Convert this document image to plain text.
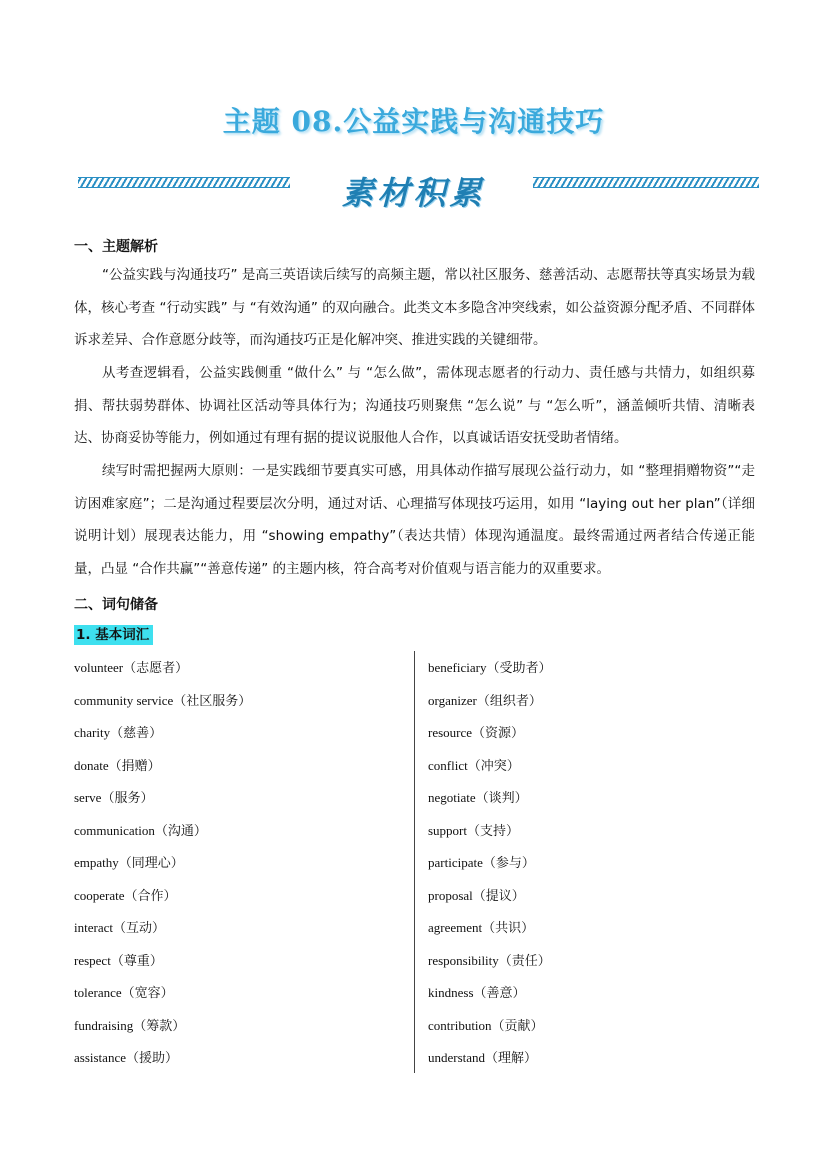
主题 08.公益实践与沟通技巧
素材积累
一、主题解析
“公益实践与沟通技巧” 是高三英语读后续写的高频主题，常以社区服务、慈善活动、志愿帮扶等真实场景为载体，核心考查 “行动实践” 与 “有效沟通” 的双向融合。此类文本多隐含冲突线索，如公益资源分配矛盾、不同群体诉求差异、合作意愿分歧等，而沟通技巧正是化解冲突、推进实践的关键细带。
从考查逻辑看，公益实践侧重 “做什么” 与 “怎么做”，需体现志愿者的行动力、责任感与共情力，如组织募捐、帮扶弱势群体、协调社区活动等具体行为；沟通技巧则聚焦 “怎么说” 与 “怎么听”，涵盖倾听共情、清晰表达、协商妥协等能力，例如通过有理有据的提议说服他人合作，以真诚话语安抚受助者情绪。
续写时需把握两大原则：一是实践细节要真实可感，用具体动作描写展现公益行动力，如 “整理捐赠物资”“走访困难家庭”；二是沟通过程要层次分明，通过对话、心理描写体现技巧运用，如用 “laying out her plan”（详细说明计划）展现表达能力，用 “showing empathy”（表达共情）体现沟通温度。最终需通过两者结合传递正能量，凸显 “合作共赢”“善意传递” 的主题内核，符合高考对价值观与语言能力的双重要求。
二、词句储备
1. 基本词汇
volunteer（志愿者）
community service（社区服务）
charity（慈善）
donate（捐赠）
serve（服务）
communication（沟通）
empathy（同理心）
cooperate（合作）
interact（互动）
respect（尊重）
tolerance（宽容）
fundraising（筹款）
assistance（援助）
beneficiary（受助者）
organizer（组织者）
resource（资源）
conflict（冲突）
negotiate（谈判）
support（支持）
participate（参与）
proposal（提议）
agreement（共识）
responsibility（责任）
kindness（善意）
contribution（贡献）
understand（理解）
